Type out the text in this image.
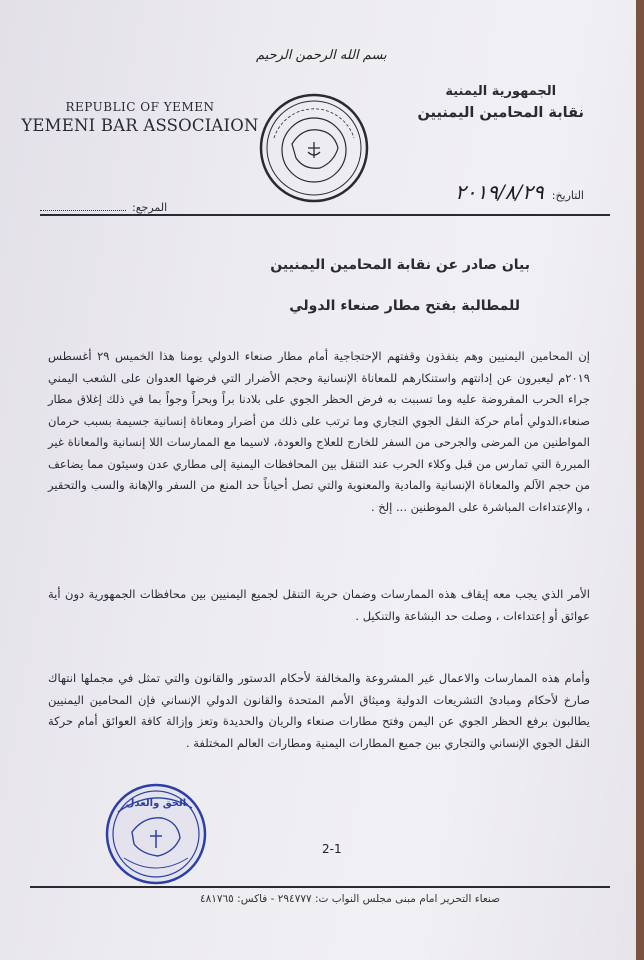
بسم الله الرحمن الرحيم
REPUBLIC OF YEMEN
YEMENI BAR ASSOCIAION
الجمهورية اليمنية
نقابة المحامين اليمنيين
التاريخ:
٢٠١٩/٨/٢٩
المرجع:
بيان صادر عن نقابة المحامين اليمنيين
للمطالبة بفتح مطار صنعاء الدولي
إن المحامين اليمنيين وهم ينفذون وقفتهم الإحتجاجية أمام مطار صنعاء الدولي يومنا هذا الخميس ٢٩ أغسطس ٢٠١٩م ليعبرون عن إدانتهم واستنكارهم للمعاناة الإنسانية وحجم الأضرار التي فرضها العدوان على الشعب اليمني جراء الحرب المفروضة عليه وما تسببت به فرض الحظر الجوي على بلادنا براً وبحراً وجواً بما في ذلك إغلاق مطار صنعاء،الدولي أمام حركة النقل الجوي التجاري وما ترتب على ذلك من أضرار ومعاناة إنسانية جسيمة بسبب حرمان المواطنين من المرضى والجرحى من السفر للخارج للعلاج والعودة، لاسيما مع الممارسات اللا إنسانية والمعاناة غير المبررة التي تمارس من قبل وكلاء الحرب عند التنقل بين المحافظات اليمنية إلى مطاري عدن وسيئون مما يضاعف من حجم الآلم والمعاناة الإنسانية والمادية والمعنوية والتي تصل أحياناً حد المنع من السفر والإهانة والسب والتحقير ، والإعتداءات المباشرة على الموطنين ... إلخ .
الأمر الذي يجب معه إيقاف هذه الممارسات وضمان حرية التنقل لجميع اليمنيين بين محافظات الجمهورية دون أية عوائق أو إعتداءات ، وصلت حد البشاعة والتنكيل .
وأمام هذه الممارسات والاعمال غير المشروعة والمخالفة لأحكام الدستور والقانون والتي تمثل في مجملها انتهاك صارخ لأحكام ومبادئ التشريعات الدولية وميثاق الأمم المتحدة والقانون الدولي الإنساني فإن المحامين اليمنيين يطالبون برفع الحظر الجوي عن اليمن وفتح مطارات صنعاء والريان والحديدة وتعز وإزالة كافة العوائق أمام حركة النقل الجوي الإنساني والتجاري بين جميع المطارات اليمنية ومطارات العالم المختلفة .
الحق والعدل
2-1
صنعاء التحرير امام مبنى مجلس النواب ت: ٢٩٤٧٧٧ - فاكس: ٤٨١٧٦٥
